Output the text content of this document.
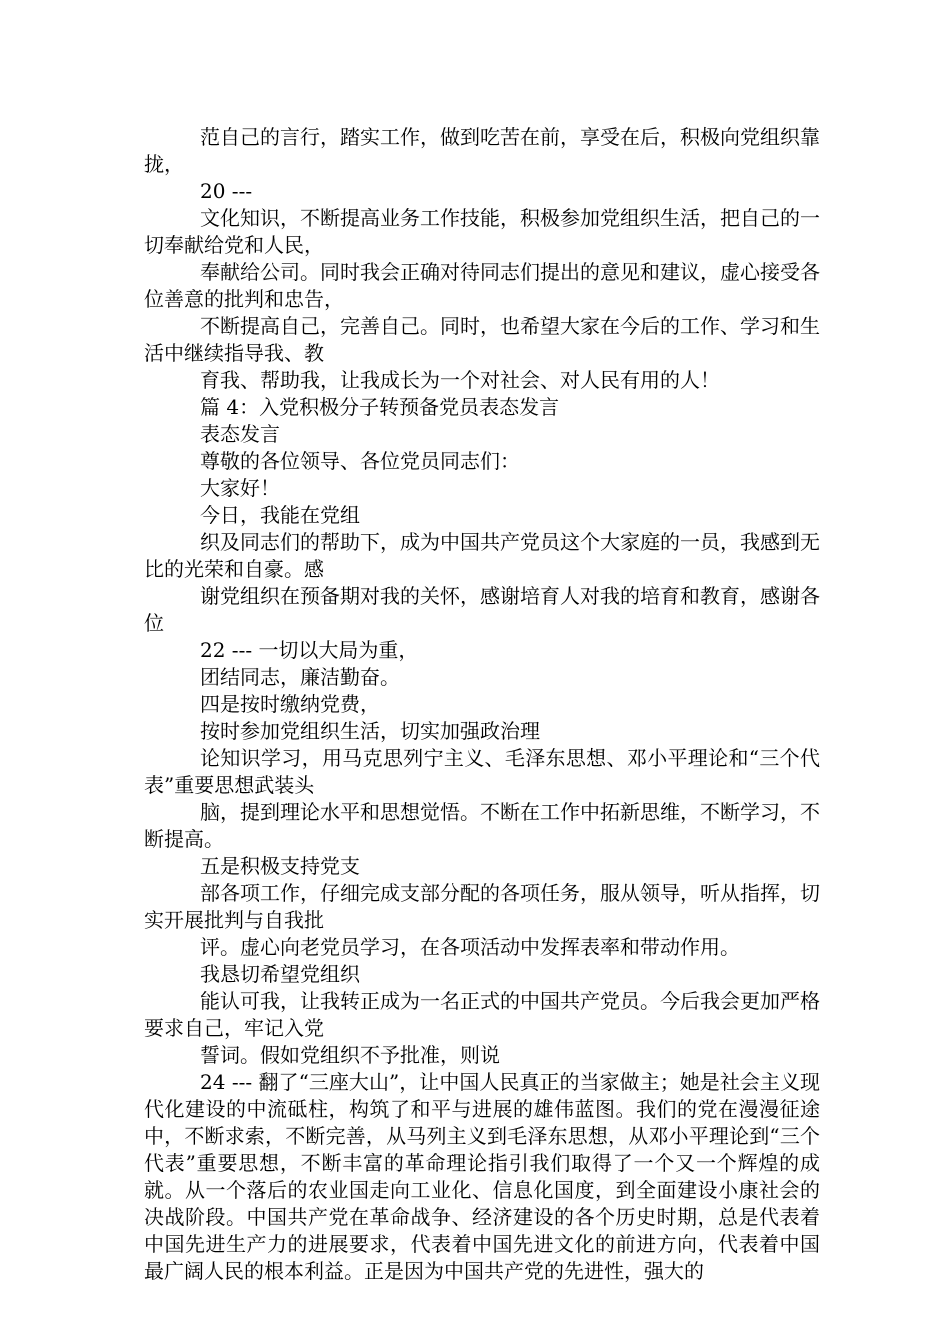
范自己的言行，踏实工作，做到吃苦在前，享受在后，积极向党组织靠拢，

20 ---

文化知识，不断提高业务工作技能，积极参加党组织生活，把自己的一切奉献给党和人民，

奉献给公司。同时我会正确对待同志们提出的意见和建议，虚心接受各位善意的批判和忠告，

不断提高自己，完善自己。同时，也希望大家在今后的工作、学习和生活中继续指导我、教

育我、帮助我，让我成长为一个对社会、对人民有用的人！

篇 4：入党积极分子转预备党员表态发言

表态发言

尊敬的各位领导、各位党员同志们：

大家好！

今日，我能在党组

织及同志们的帮助下，成为中国共产党员这个大家庭的一员，我感到无比的光荣和自豪。感

谢党组织在预备期对我的关怀，感谢培育人对我的培育和教育，感谢各位

22 --- 一切以大局为重，

团结同志，廉洁勤奋。

四是按时缴纳党费，

按时参加党组织生活，切实加强政治理

论知识学习，用马克思列宁主义、毛泽东思想、邓小平理论和“三个代表”重要思想武装头

脑，提到理论水平和思想觉悟。不断在工作中拓新思维，不断学习，不断提高。

五是积极支持党支

部各项工作，仔细完成支部分配的各项任务，服从领导，听从指挥，切实开展批判与自我批

评。虚心向老党员学习，在各项活动中发挥表率和带动作用。

我恳切希望党组织

能认可我，让我转正成为一名正式的中国共产党员。今后我会更加严格要求自己，牢记入党

誓词。假如党组织不予批准，则说

24 --- 翻了“三座大山”，让中国人民真正的当家做主；她是社会主义现代化建设的中流砥柱，构筑了和平与进展的雄伟蓝图。我们的党在漫漫征途中，不断求索，不断完善，从马列主义到毛泽东思想，从邓小平理论到“三个代表”重要思想，不断丰富的革命理论指引我们取得了一个又一个辉煌的成就。从一个落后的农业国走向工业化、信息化国度，到全面建设小康社会的决战阶段。中国共产党在革命战争、经济建设的各个历史时期，总是代表着中国先进生产力的进展要求，代表着中国先进文化的前进方向，代表着中国最广阔人民的根本利益。正是因为中国共产党的先进性，强大的
